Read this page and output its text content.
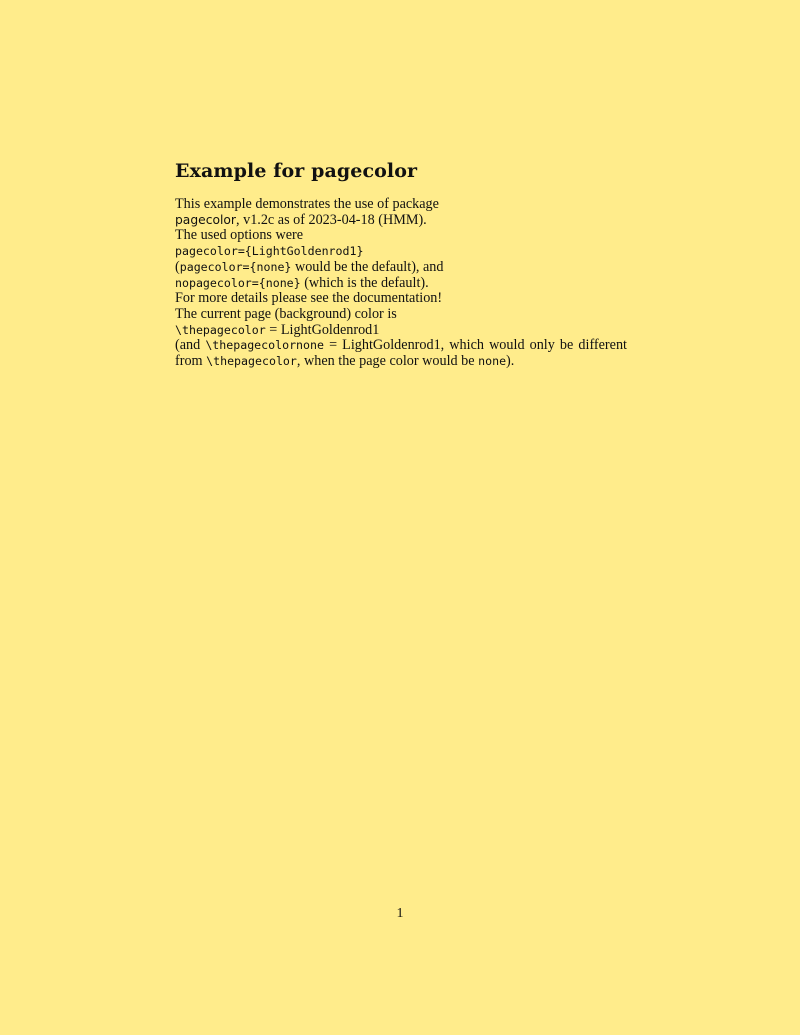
Example for pagecolor
This example demonstrates the use of package
pagecolor, v1.2c as of 2023-04-18 (HMM).
The used options were
pagecolor={LightGoldenrod1}
(pagecolor={none} would be the default), and
nopagecolor={none} (which is the default).
For more details please see the documentation!
The current page (background) color is
\thepagecolor = LightGoldenrod1
(and \thepagecolornone = LightGoldenrod1, which would only be different
from \thepagecolor, when the page color would be none).
1
